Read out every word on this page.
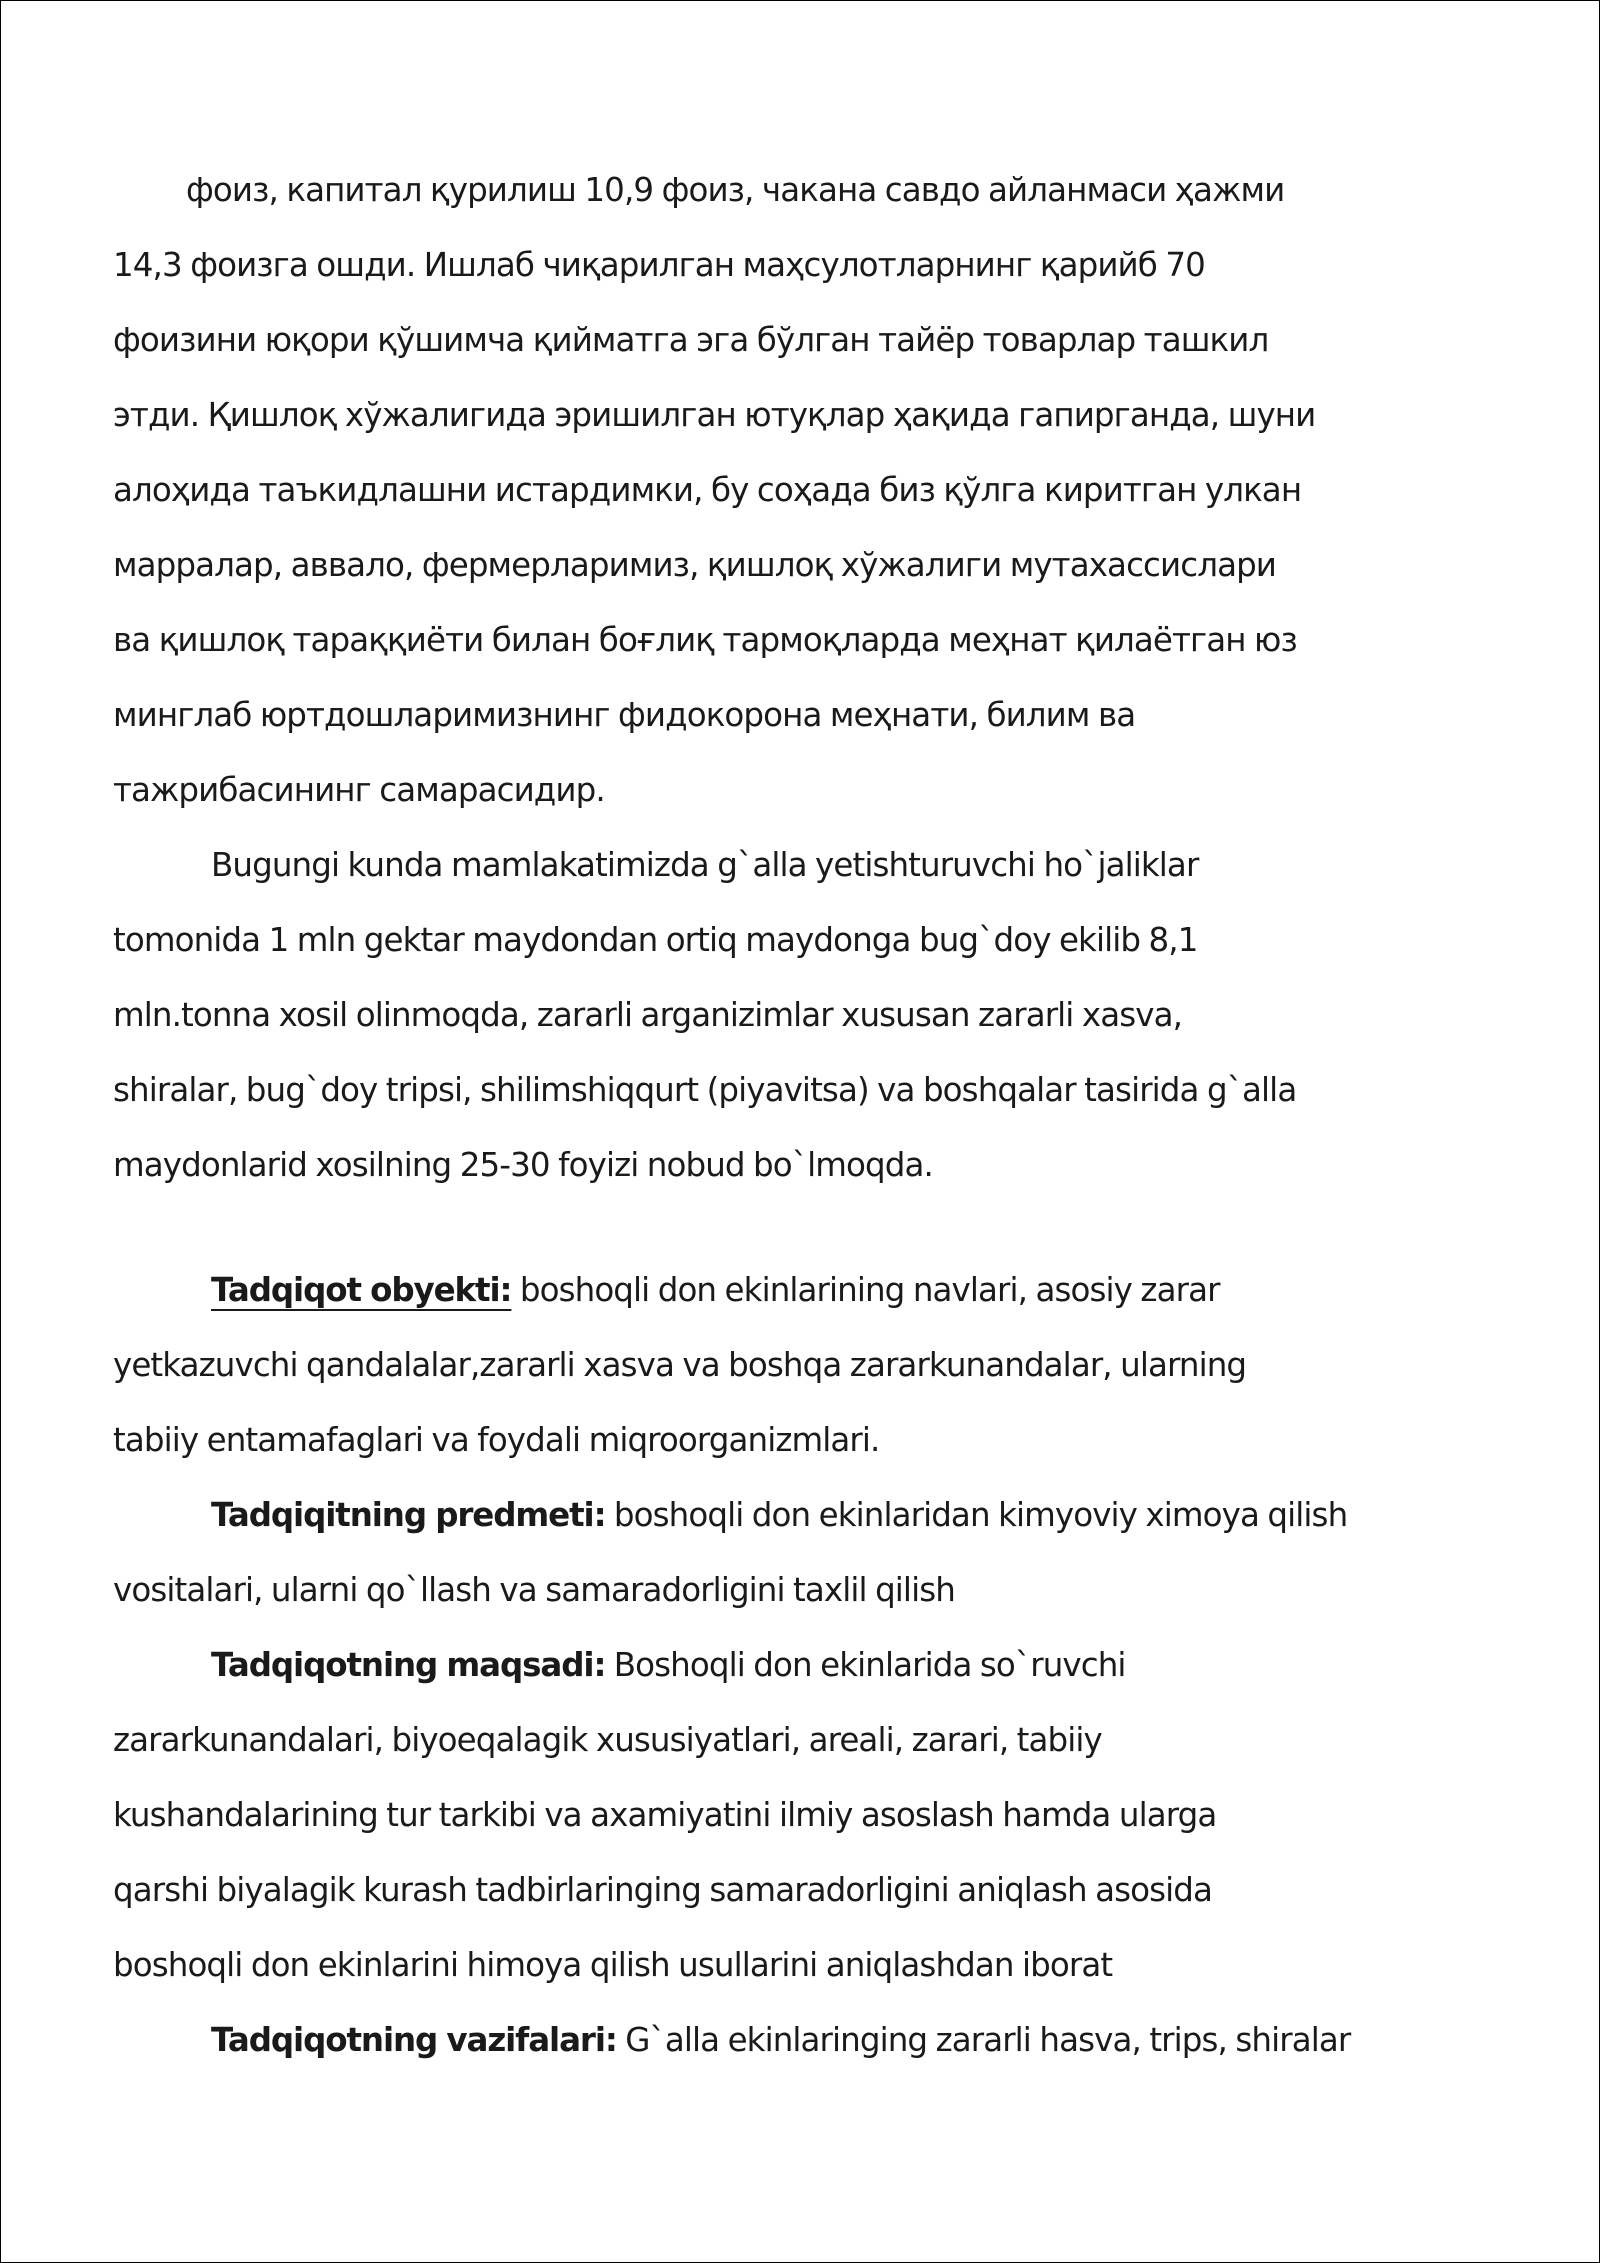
фоиз, капитал қурилиш 10,9 фоиз, чакана савдо айланмаси ҳажми
14,3 фоизга ошди. Ишлаб чиқарилган маҳсулотларнинг қарийб 70
фоизини юқори қўшимча қийматга эга бўлган тайёр товарлар ташкил
этди. Қишлоқ хўжалигида эришилган ютуқлар ҳақида гапирганда, шуни
алоҳида таъкидлашни истардимки, бу соҳада биз қўлга киритган улкан
марралар, аввало, фермерларимиз, қишлоқ хўжалиги мутахассислари
ва қишлоқ тараққиёти билан боғлиқ тармоқларда меҳнат қилаётган юз
минглаб юртдошларимизнинг фидокорона меҳнати, билим ва
тажрибасининг самарасидир.
Bugungi kunda mamlakatimizda g`alla yetishturuvchi ho`jaliklar
tomonida 1 mln gektar maydondan ortiq maydonga bug`doy ekilib 8,1
mln.tonna xosil olinmoqda, zararli arganizimlar xususan zararli xasva,
shiralar, bug`doy tripsi, shilimshiqqurt (piyavitsa) va boshqalar tasirida g`alla
maydonlarid xosilning 25-30 foyizi nobud bo`lmoqda.
Tadqiqot obyekti: boshoqli don ekinlarining navlari, asosiy zarar
yetkazuvchi qandalalar,zararli xasva va boshqa zararkunandalar, ularning
tabiiy entamafaglari va foydali miqroorganizmlari.
Tadqiqitning predmeti: boshoqli don ekinlaridan kimyoviy ximoya qilish
vositalari, ularni qo`llash va samaradorligini taxlil qilish
Tadqiqotning maqsadi: Boshoqli don ekinlarida so`ruvchi
zararkunandalari, biyoeqalagik xususiyatlari, areali, zarari, tabiiy
kushandalarining tur tarkibi va axamiyatini ilmiy asoslash hamda ularga
qarshi biyalagik kurash tadbirlaringing samaradorligini aniqlash asosida
boshoqli don ekinlarini himoya qilish usullarini aniqlashdan iborat
Tadqiqotning vazifalari: G`alla ekinlaringing zararli hasva, trips, shiralar
